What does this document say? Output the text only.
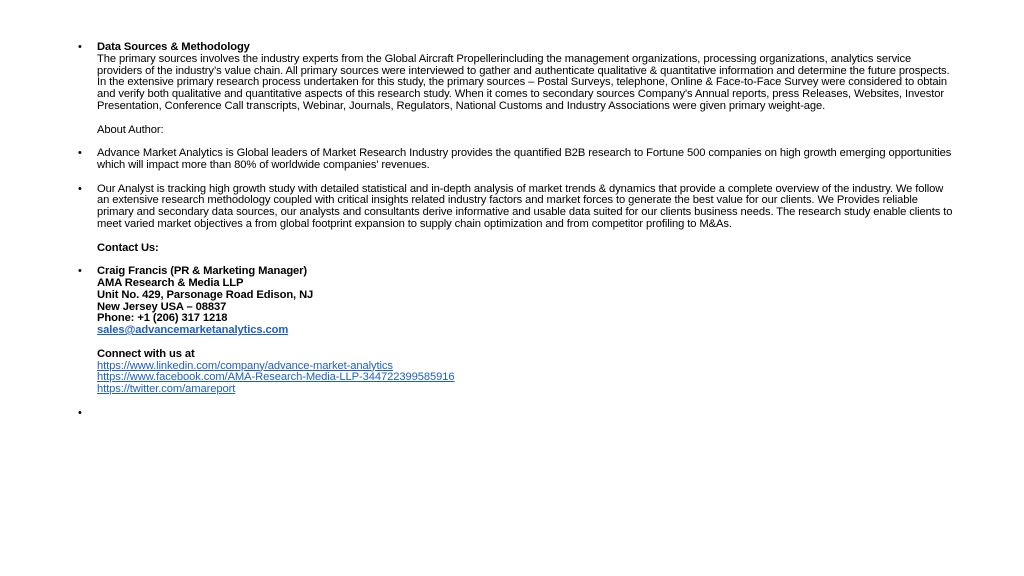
•	Data Sources & Methodology
The primary sources involves the industry experts from the Global Aircraft Propellerincluding the management organizations, processing organizations, analytics service providers of the industry’s value chain. All primary sources were interviewed to gather and authenticate qualitative & quantitative information and determine the future prospects.
In the extensive primary research process undertaken for this study, the primary sources – Postal Surveys, telephone, Online & Face-to-Face Survey were considered to obtain and verify both qualitative and quantitative aspects of this research study. When it comes to secondary sources Company's Annual reports, press Releases, Websites, Investor Presentation, Conference Call transcripts, Webinar, Journals, Regulators, National Customs and Industry Associations were given primary weight-age.
About Author:
•	Advance Market Analytics is Global leaders of Market Research Industry provides the quantified B2B research to Fortune 500 companies on high growth emerging opportunities which will impact more than 80% of worldwide companies' revenues.
•	Our Analyst is tracking high growth study with detailed statistical and in-depth analysis of market trends & dynamics that provide a complete overview of the industry. We follow an extensive research methodology coupled with critical insights related industry factors and market forces to generate the best value for our clients. We Provides reliable primary and secondary data sources, our analysts and consultants derive informative and usable data suited for our clients business needs. The research study enable clients to meet varied market objectives a from global footprint expansion to supply chain optimization and from competitor profiling to M&As.
Contact Us:
•	Craig Francis (PR & Marketing Manager)
AMA Research & Media LLP
Unit No. 429, Parsonage Road Edison, NJ
New Jersey USA – 08837
Phone: +1 (206) 317 1218
sales@advancemarketanalytics.com
Connect with us at
https://www.linkedin.com/company/advance-market-analytics
https://www.facebook.com/AMA-Research-Media-LLP-344722399585916
https://twitter.com/amareport
•
